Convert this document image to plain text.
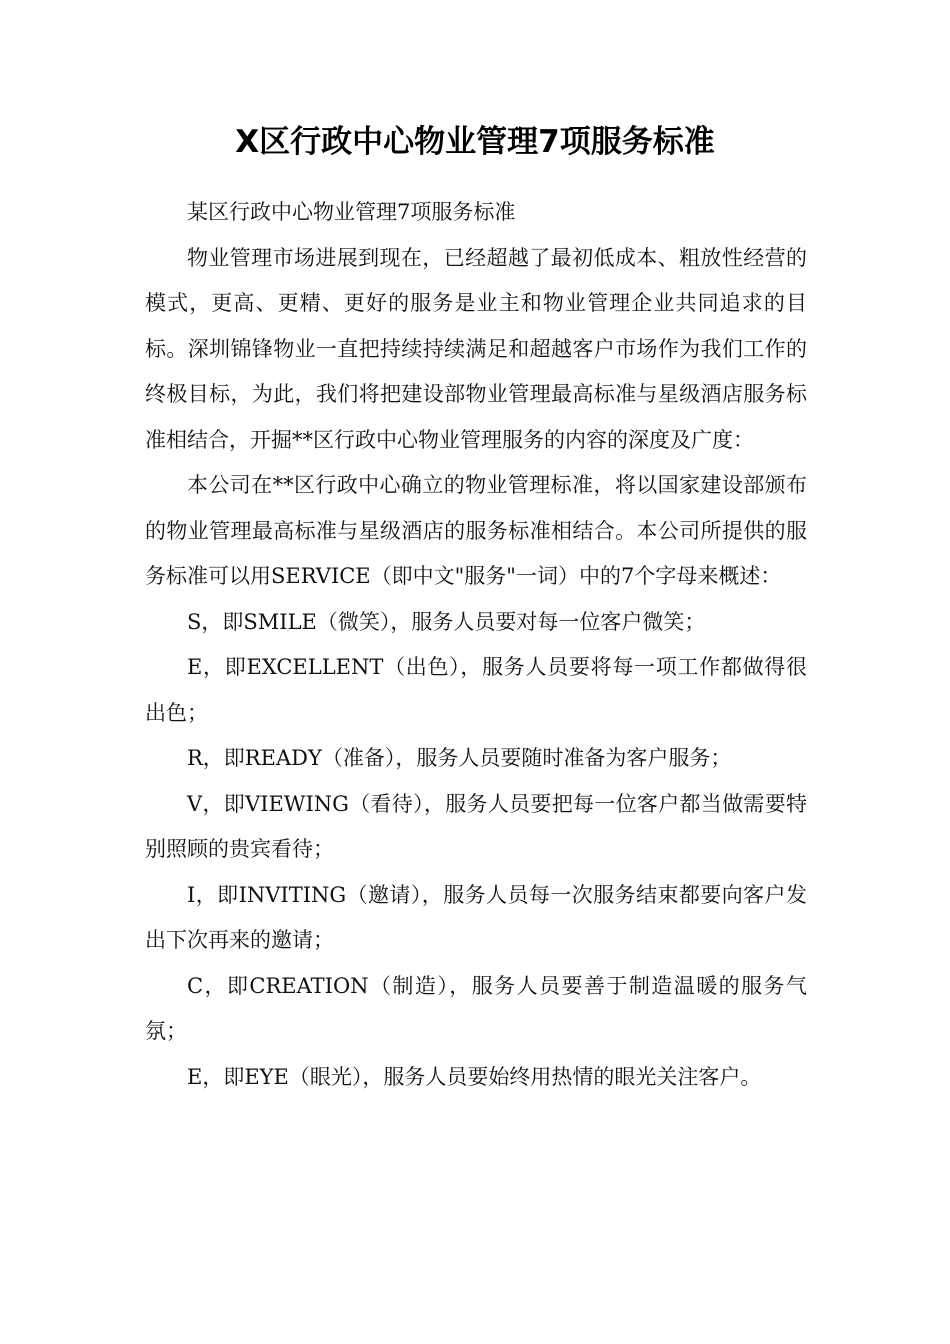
X区行政中心物业管理7项服务标准

某区行政中心物业管理7项服务标准

物业管理市场进展到现在，已经超越了最初低成本、粗放性经营的模式，更高、更精、更好的服务是业主和物业管理企业共同追求的目标。深圳锦锋物业一直把持续持续满足和超越客户市场作为我们工作的终极目标，为此，我们将把建设部物业管理最高标准与星级酒店服务标准相结合，开掘**区行政中心物业管理服务的内容的深度及广度：

本公司在**区行政中心确立的物业管理标准，将以国家建设部颁布的物业管理最高标准与星级酒店的服务标准相结合。本公司所提供的服务标准可以用SERVICE（即中文"服务"一词）中的7个字母来概述：

S，即SMILE（微笑），服务人员要对每一位客户微笑；

E，即EXCELLENT（出色），服务人员要将每一项工作都做得很出色；

R，即READY（准备），服务人员要随时准备为客户服务；

V，即VIEWING（看待），服务人员要把每一位客户都当做需要特别照顾的贵宾看待；

I，即INVITING（邀请），服务人员每一次服务结束都要向客户发出下次再来的邀请；

C，即CREATION（制造），服务人员要善于制造温暖的服务气氛；

E，即EYE（眼光），服务人员要始终用热情的眼光关注客户。
